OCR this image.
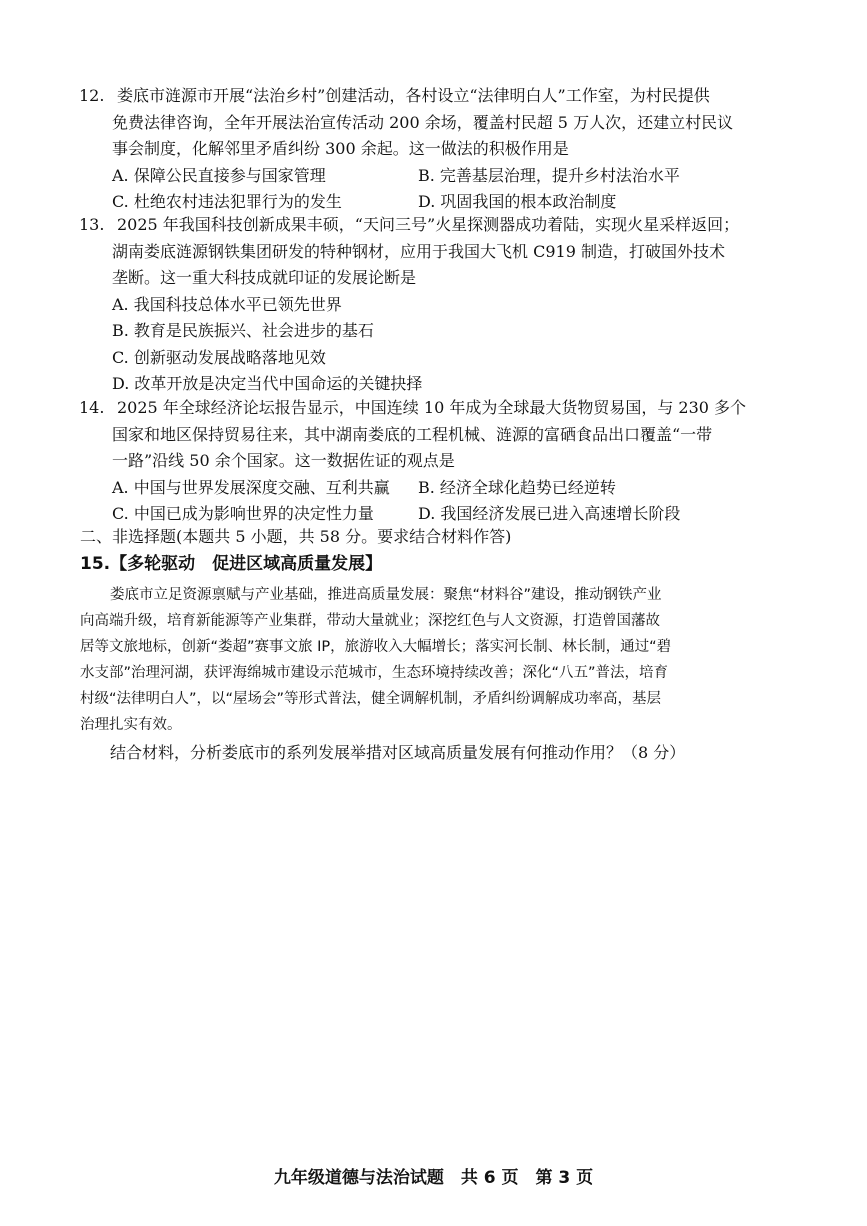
12. 娄底市涟源市开展“法治乡村”创建活动，各村设立“法律明白人”工作室，为村民提供
免费法律咨询，全年开展法治宣传活动 200 余场，覆盖村民超 5 万人次，还建立村民议
事会制度，化解邻里矛盾纠纷 300 余起。这一做法的积极作用是
A. 保障公民直接参与国家管理	B. 完善基层治理，提升乡村法治水平
C. 杜绝农村违法犯罪行为的发生	D. 巩固我国的根本政治制度
13. 2025 年我国科技创新成果丰硕，“天问三号”火星探测器成功着陆，实现火星采样返回；
湖南娄底涟源钢铁集团研发的特种钢材，应用于我国大飞机 C919 制造，打破国外技术
垄断。这一重大科技成就印证的发展论断是
A. 我国科技总体水平已领先世界
B. 教育是民族振兴、社会进步的基石
C. 创新驱动发展战略落地见效
D. 改革开放是决定当代中国命运的关键抉择
14. 2025 年全球经济论坛报告显示，中国连续 10 年成为全球最大货物贸易国，与 230 多个
国家和地区保持贸易往来，其中湖南娄底的工程机械、涟源的富硒食品出口覆盖“一带
一路”沿线 50 余个国家。这一数据佐证的观点是
A. 中国与世界发展深度交融、互利共赢	B. 经济全球化趋势已经逆转
C. 中国已成为影响世界的决定性力量	D. 我国经济发展已进入高速增长阶段
二、非选择题(本题共 5 小题，共 58 分。要求结合材料作答)
15.【多轮驱动　促进区域高质量发展】
娄底市立足资源禀赋与产业基础，推进高质量发展：聚焦“材料谷”建设，推动钢铁产业
向高端升级，培育新能源等产业集群，带动大量就业；深挖红色与人文资源，打造曾国藩故
居等文旅地标，创新“娄超”赛事文旅 IP，旅游收入大幅增长；落实河长制、林长制，通过“碧
水支部”治理河湖，获评海绵城市建设示范城市，生态环境持续改善；深化“八五”普法，培育
村级“法律明白人”，以“屋场会”等形式普法，健全调解机制，矛盾纠纷调解成功率高，基层
治理扎实有效。
结合材料，分析娄底市的系列发展举措对区域高质量发展有何推动作用？（8 分）
九年级道德与法治试题　共 6 页　第 3 页
